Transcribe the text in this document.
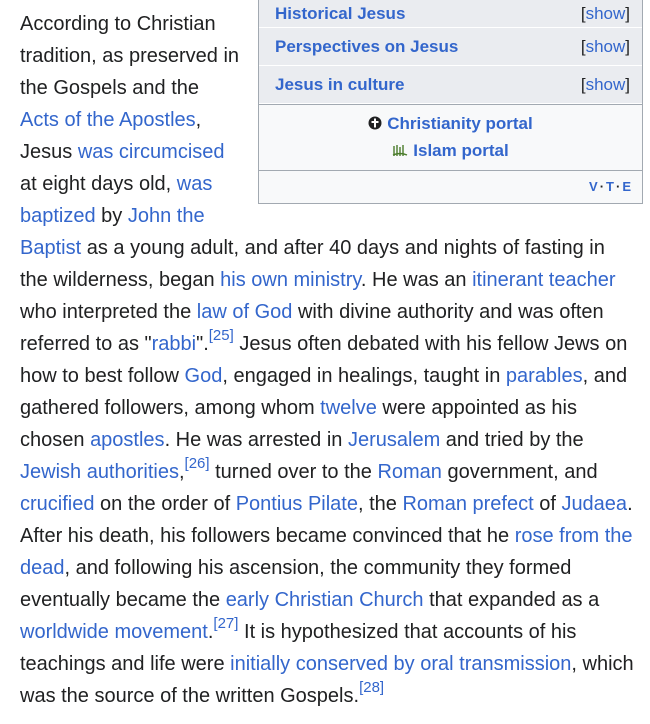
Historical Jesus	[show]
Perspectives on Jesus	[show]
Jesus in culture	[show]
Christianity portal
Islam portal
V·T·E
According to Christian tradition, as preserved in the Gospels and the Acts of the Apostles, Jesus was circumcised at eight days old, was baptized by John the Baptist as a young adult, and after 40 days and nights of fasting in the wilderness, began his own ministry. He was an itinerant teacher who interpreted the law of God with divine authority and was often referred to as "rabbi".[25] Jesus often debated with his fellow Jews on how to best follow God, engaged in healings, taught in parables, and gathered followers, among whom twelve were appointed as his chosen apostles. He was arrested in Jerusalem and tried by the Jewish authorities,[26] turned over to the Roman government, and crucified on the order of Pontius Pilate, the Roman prefect of Judaea. After his death, his followers became convinced that he rose from the dead, and following his ascension, the community they formed eventually became the early Christian Church that expanded as a worldwide movement.[27] It is hypothesized that accounts of his teachings and life were initially conserved by oral transmission, which was the source of the written Gospels.[28]
